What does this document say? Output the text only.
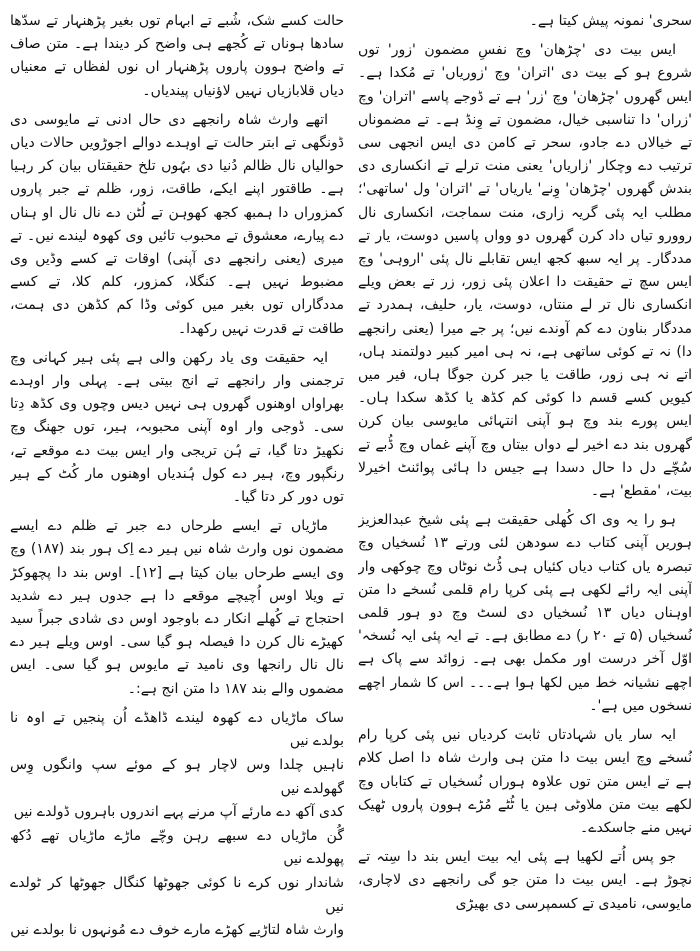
سحری' نمونہ پیش کیتا ہے۔

ایس بیت دی 'چڑھان' وچ نفسِ مضمون 'زور' توں شروع ہو کے بیت دی 'اتران' وچ 'زوریاں' تے مُکدا ہے۔ ایس گھروں 'چڑھان' وچ 'زر' ہے تے ڈوجے پاسے 'اتران' وچ 'زراں' دا تناسبی خیال، مضمون تے وِنڈ ہے۔ تے مضموناں تے خیالاں دے جادو، سحر تے کامن دی ایس انجھی سی ترتیب دے وچکار 'زاریاں' یعنی منت ترلے تے انکساری دی بندش گھروں 'چڑھان' وِنے' یاریاں' تے 'اتران' ول 'ساتھی'؛ مطلب ایہ پئی گریہ زاری، منت سماجت، انکساری نال روورو تیاں داد کرن گھروں دو وواں پاسیں دوست، یار تے مددگار۔ پر ایہ سبھ کجھ ایس تقابلے نال پئی 'اروہی' وچ ایس سچ تے حقیقت دا اعلان پئی زور، زر تے بعض ویلے انکساری نال تر لے منتاں، دوست، یار، حلیف، ہمدرد تے مددگار بناون دے کم آوندے نیں؛ پر جے میرا (یعنی رانجھے دا) نہ تے کوئی ساتھی ہے، نہ ہی امیر کبیر دولتمند ہاں، اتے نہ ہی زور، طاقت یا جبر کرن جوگا ہاں، فیر میں کیویں کسے قسم دا کوئی کم کڈھ یا کڈھ سکدا ہاں۔ ایس پورے بند وچ ہو آپنی انتہائی مایوسی بیان کرن گھروں بند دے اخیر لے دواں بیتاں وچ آپنے غماں وچ ڈُبے تے سُچّے دل دا حال دسدا ہے جیس دا ہائی پوائنٹ اخیرلا بیت، 'مقطع' ہے۔

ہو را یہ وی اک کُھلی حقیقت ہے پئی شیخ عبدالعزیز ہوریں آپنی کتاب دے سودھن لئی ورتے ۱۳ نُسخیاں وچ تبصرہ یاں کتاب دیاں کئیاں ہی ڈُٹ نوٹاں وچ چوکھی وار آپنی ایہ رائے لکھی ہے پئی کرپا رام قلمی نُسخے دا متن اوہناں دیاں ۱۳ نُسخیاں دی لسٹ وچ دو ہور قلمی نُسخیاں (۵ تے ۲۰ ر) دے مطابق ہے۔ تے ایہ پئی ایہ نُسخہ' اوّل آخر درست اور مکمل بھی ہے۔ زوائد سے پاک ہے اچھے نشیانہ خط میں لکھا ہوا ہے۔۔۔ اس کا شمار اچھے نسخوں میں ہے'۔

ایہ سار یاں شہادتاں ثابت کردیاں نیں پئی کرپا رام نُسخے وچ ایس بیت دا متن ہی وارث شاہ دا اصل کلام ہے تے ایس متن توں علاوہ ہوراں نُسخیاں تے کتاباں وچ لکھے بیت متن ملاوٹی ہین یا ٹُٹے مُڑے ہوون پاروں ٹھیک نہیں منے جاسکدے۔

جو پس اُتے لکھیا ہے پئی ایہ بیت ایس بند دا سِتہ تے نچوڑ ہے۔ ایس بیت دا متن جو گی رانجھے دی لاچاری، مایوسی، نامیدی تے کسمپرسی دی بھیڑی

حالت کسے شک، شُبے تے ابہام توں بغیر پڑھنہار تے سدّھا سادھا ہوناں تے کُجھے ہی واضح کر دیندا ہے۔ متن صاف تے واضح ہوون پاروں پڑھنہار اں نوں لفظاں تے معنیاں دیاں قلابازیاں نہیں لاؤنیاں پیندیاں۔

اتھے وارث شاہ رانجھے دی حال ادنی تے مایوسی دی ڈونگھی تے ابتر حالت تے اوہدے دوالے اجوڑویں حالات دیاں حوالیاں نال ظالم دُنیا دی بہُوں تلخ حقیقتاں بیان کر رہیا ہے۔ طاقتور اپنے ایکے، طاقت، زور، ظلم تے جبر پاروں کمزوراں دا ہمبھ کجھ کھوہن تے لُٹن دے نال نال او ہناں دے پیارے، معشوق تے محبوب تائیں وی کھوہ لیندے نیں۔ تے میری (یعنی رانجھے دی آپنی) اوقات تے کسے وڈیں وی مضبوط نہیں ہے۔ کنگلا، کمزور، کلم کلا، تے کسے مددگاراں توں بغیر میں کوئی وڈا کم کڈھن دی ہمت، طاقت تے قدرت نہیں رکھدا۔

ایہ حقیقت وی یاد رکھن والی ہے پئی ہیر کہانی وچ ترجمنی وار رانجھے تے انج بیتی ہے۔ پہلی وار اوہدے بھراواں اوھنوں گھروں ہی نہیں دیس وچوں وی کڈھ دِتا سی۔ ڈوجی وار اوہ آپنی محبوبہ، ہیر، توں جھنگ وچ نکھیڑ دتا گیا، تے ہُن تریجی وار ایس بیت دے موقعے تے، رنگپور وچ، ہیر دے کول ہُندیاں اوھنوں مار کُٹ کے ہیر توں دور کر دتا گیا۔

ماڑیاں تے ایسے طرحاں دے جبر تے ظلم دے ایسے مضمون نوں وارث شاہ نیں ہیر دے اِک ہور بند (۱۸۷) وچ وی ایسے طرحاں بیان کیتا ہے [۱۲]۔ اوس بند دا پچھوکڑ تے ویلا اوس اُچیچے موقعے دا ہے جدوں ہیر دے شدید احتجاج تے کُھلے انکار دے باوجود اوس دی شادی جبراً سید کھیڑے نال کرن دا فیصلہ ہو گیا سی۔ اوس ویلے ہیر دے نال نال رانجھا وی نامید تے مایوس ہو گیا سی۔ ایس مضموں والے بند ۱۸۷ دا متن انج ہے:۔

ساک ماڑیاں دے کھوہ لیندے ڈاھڈے اُن پنجیں تے اوہ نا بولدے نیں

ناہیں چلدا وس لاچار ہو کے موئے سپ وانگوں وِس گھولدے نیں

کدی آکھ دے مارئے آپ مرنے پہے اندروں باہروں ڈولدے نیں

گُن ماڑیاں دے سبھے رہن وچّے ماڑے ماڑیاں تھے دُکھ پھولدے نیں

شاندار نوں کرے نا کوئی جھوٹھا کنگال جھوٹھا کر ٹولدے نیں

وارث شاہ لتاڑیے کھڑے مارے خوف دے مُونہوں نا بولدے نیں
